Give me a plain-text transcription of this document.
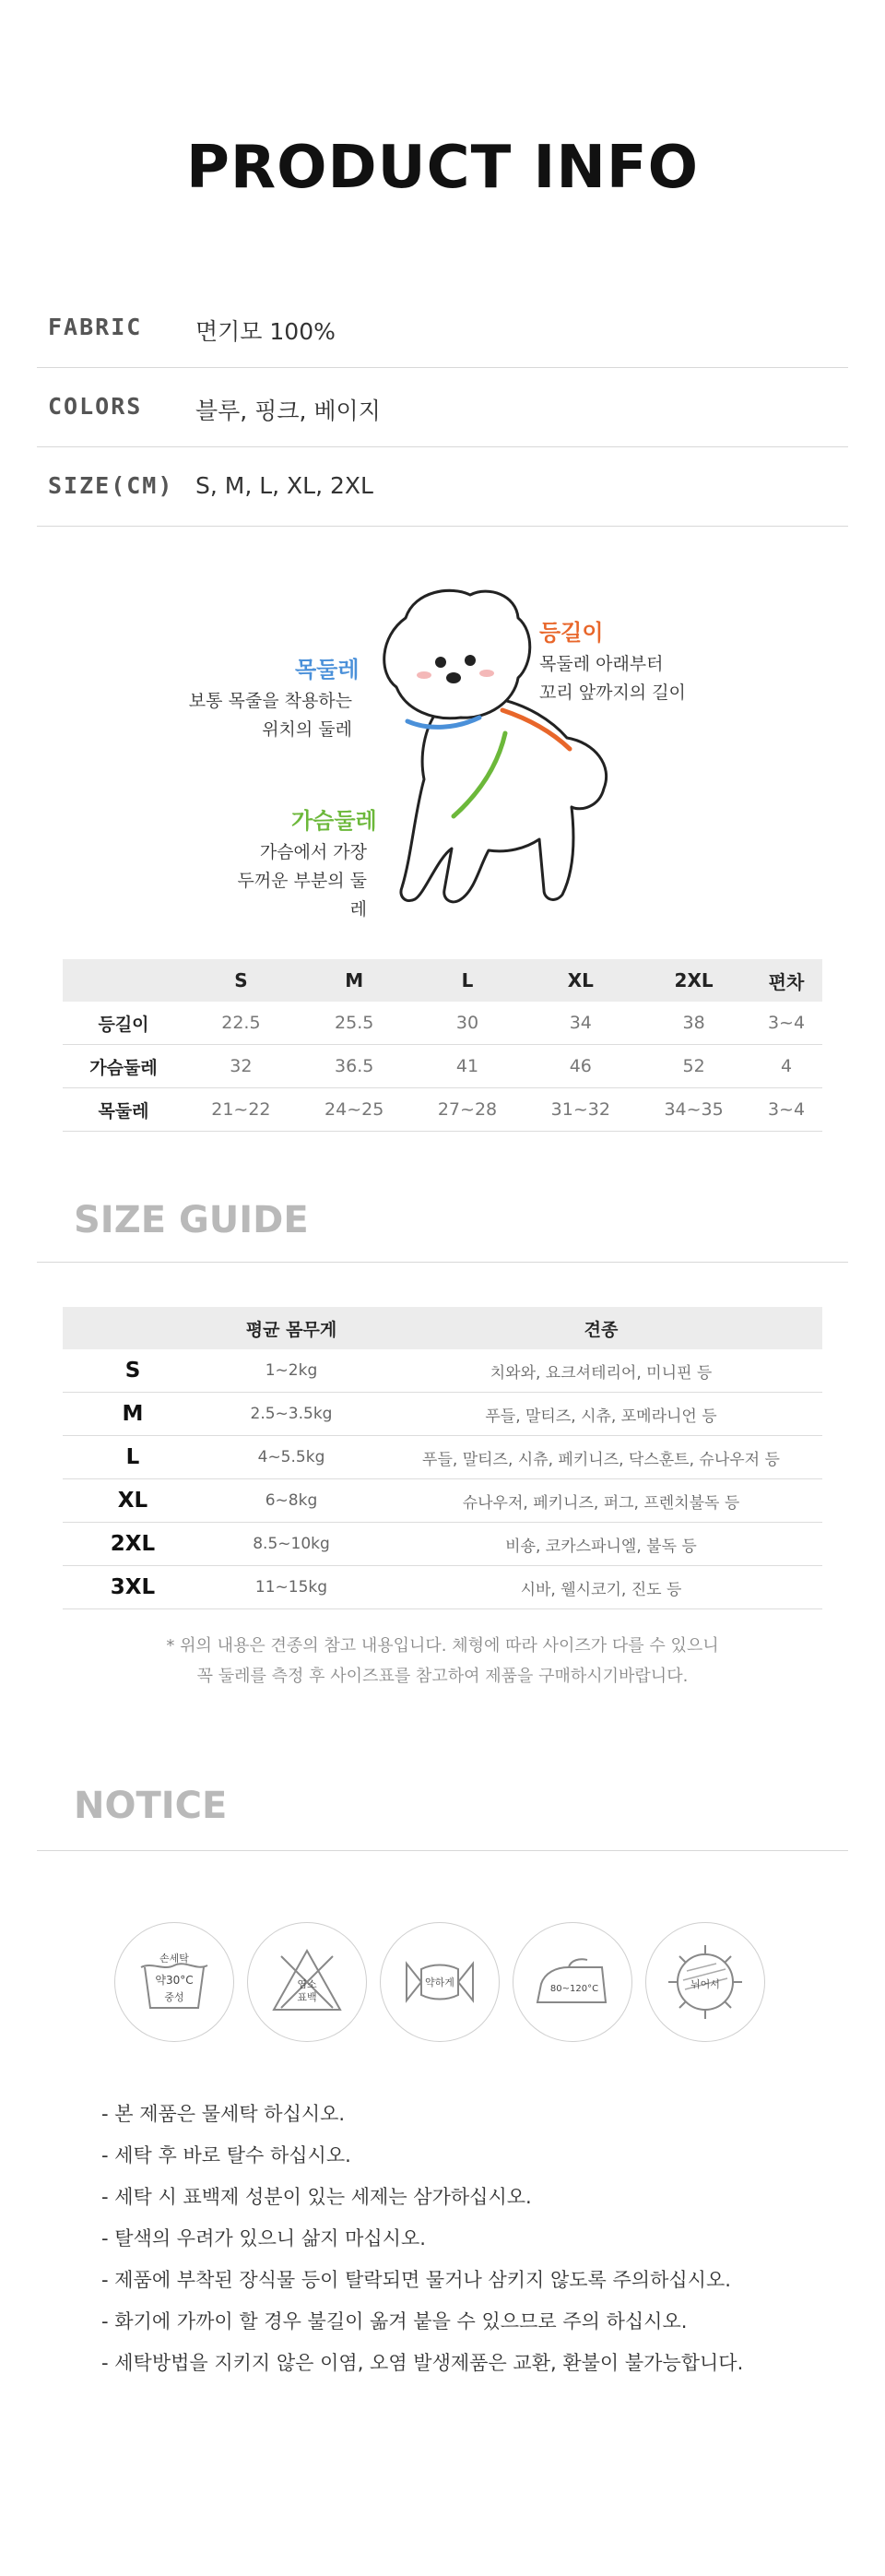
PRODUCT INFO
FABRIC 면기모 100%
COLORS 블루, 핑크, 베이지
SIZE(CM) S, M, L, XL, 2XL
목둘레
보통 목줄을 착용하는
위치의 둘레
등길이
목둘레 아래부터
꼬리 앞까지의 길이
가슴둘레
가슴에서 가장
두꺼운 부분의 둘레
	S	M	L	XL	2XL	편차
등길이	22.5	25.5	30	34	38	3~4
가슴둘레	32	36.5	41	46	52	4
목둘레	21~22	24~25	27~28	31~32	34~35	3~4
SIZE GUIDE
	평균 몸무게	견종
S	1~2kg	치와와, 요크셔테리어, 미니핀 등
M	2.5~3.5kg	푸들, 말티즈, 시츄, 포메라니언 등
L	4~5.5kg	푸들, 말티즈, 시츄, 페키니즈, 닥스훈트, 슈나우저 등
XL	6~8kg	슈나우저, 페키니즈, 퍼그, 프렌치불독 등
2XL	8.5~10kg	비숑, 코카스파니엘, 불독 등
3XL	11~15kg	시바, 웰시코기, 진도 등
* 위의 내용은 견종의 참고 내용입니다. 체형에 따라 사이즈가 다를 수 있으니
꼭 둘레를 측정 후 사이즈표를 참고하여 제품을 구매하시기바랍니다.
NOTICE
손세탁
약30°C
중성
염소
표백
약하게
80~120°C	뉘어서
- 본 제품은 물세탁 하십시오.
- 세탁 후 바로 탈수 하십시오.
- 세탁 시 표백제 성분이 있는 세제는 삼가하십시오.
- 탈색의 우려가 있으니 삶지 마십시오.
- 제품에 부착된 장식물 등이 탈락되면 물거나 삼키지 않도록 주의하십시오.
- 화기에 가까이 할 경우 불길이 옮겨 붙을 수 있으므로 주의 하십시오.
- 세탁방법을 지키지 않은 이염, 오염 발생제품은 교환, 환불이 불가능합니다.
